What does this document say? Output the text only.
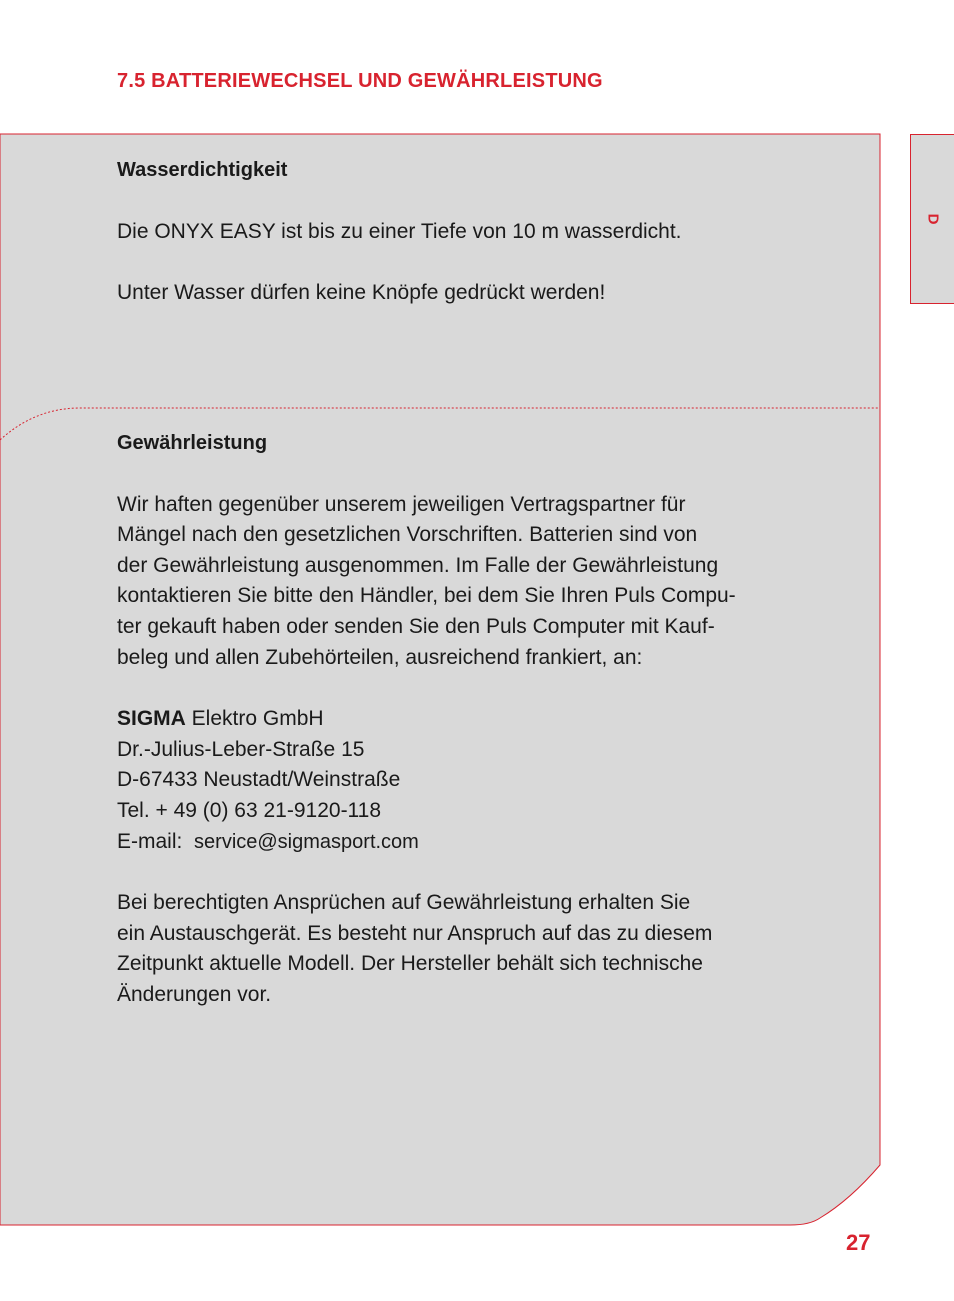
7.5 BATTERIEWECHSEL UND GEWÄHRLEISTUNG
D

Wasserdichtigkeit

Die ONYX EASY ist bis zu einer Tiefe von 10 m wasserdicht.

Unter Wasser dürfen keine Knöpfe gedrückt werden!

Gewährleistung

Wir haften gegenüber unserem jeweiligen Vertragspartner für

Mängel nach den gesetzlichen Vorschriften. Batterien sind von

der Gewährleistung ausgenommen. Im Falle der Gewährleistung

kontaktieren Sie bitte den Händler, bei dem Sie Ihren Puls Compu-

ter gekauft haben oder senden Sie den Puls Computer mit Kauf-

beleg und allen Zubehörteilen, ausreichend frankiert, an:

SIGMA Elektro GmbH

Dr.-Julius-Leber-Straße 15

D-67433 Neustadt/Weinstraße

Tel. + 49 (0) 63 21-9120-118

E-mail:  service@sigmasport.com

Bei berechtigten Ansprüchen auf Gewährleistung erhalten Sie

ein Austauschgerät. Es besteht nur Anspruch auf das zu diesem

Zeitpunkt aktuelle Modell. Der Hersteller behält sich technische

Änderungen vor.

27
